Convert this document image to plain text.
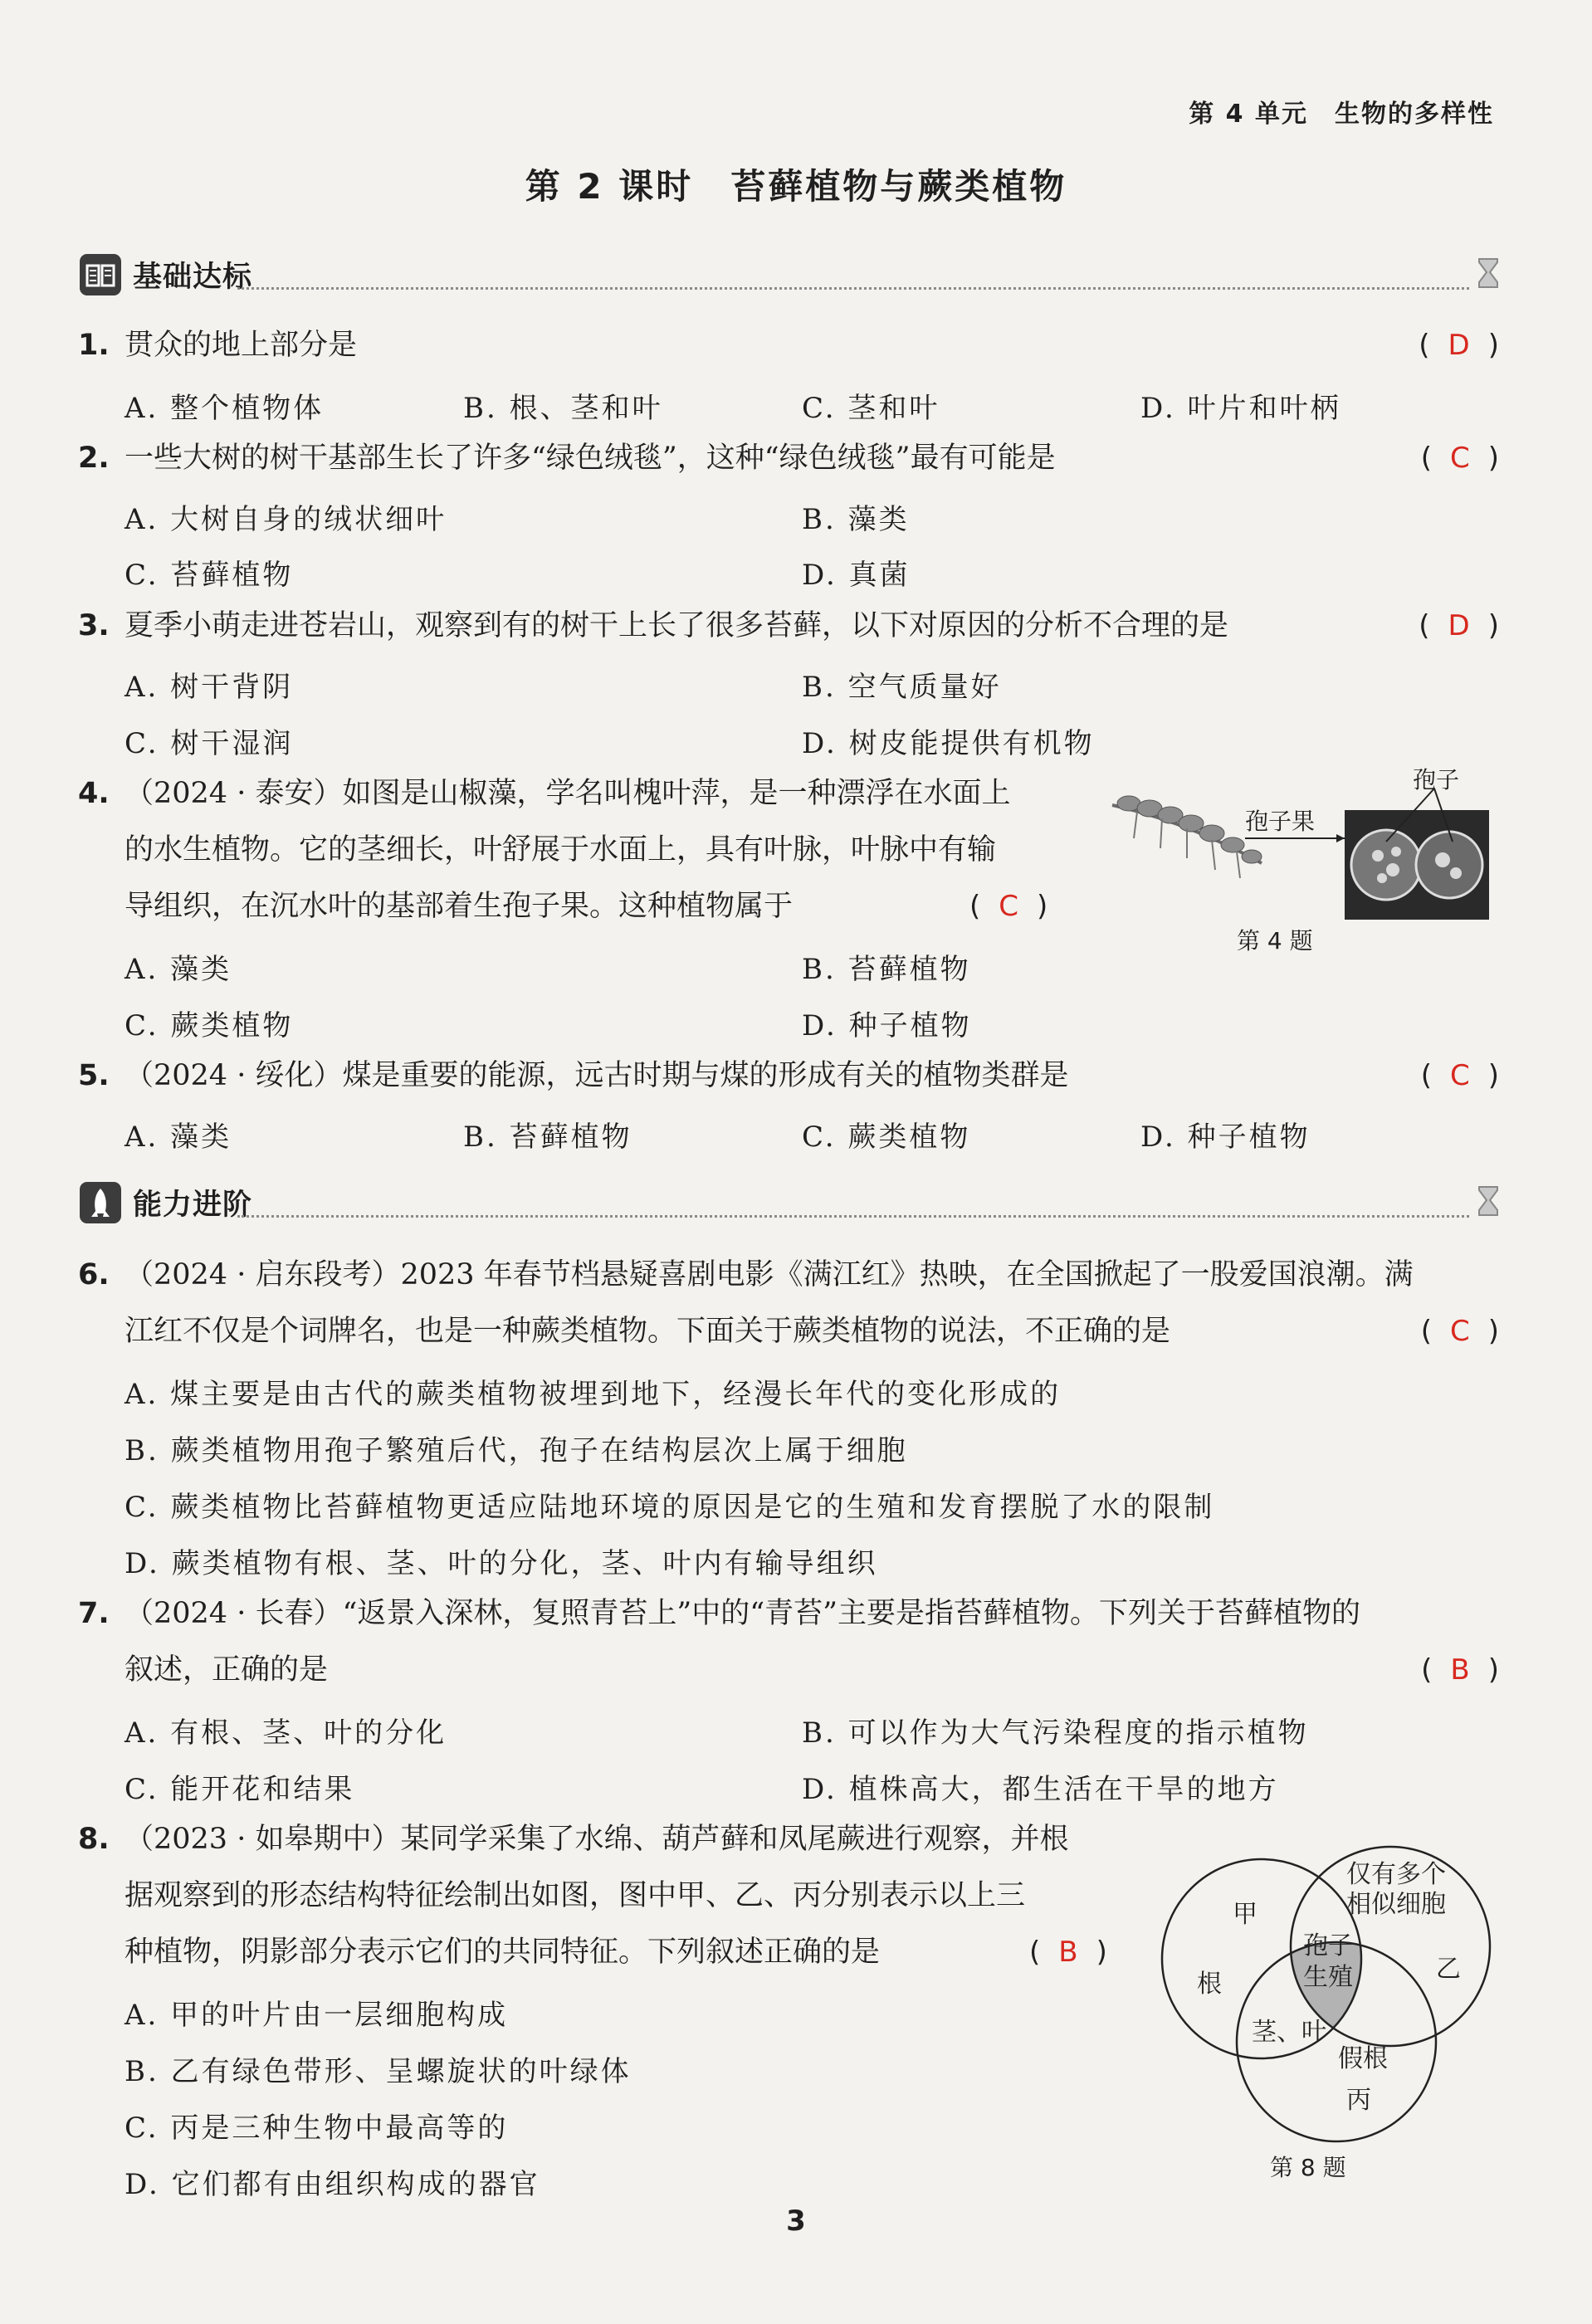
第 4 单元　生物的多样性
第 2 课时　苔藓植物与蕨类植物
基础达标
1. 贯众的地上部分是	( D )
A. 整个植物体	B. 根、茎和叶	C. 茎和叶	D. 叶片和叶柄
2. 一些大树的树干基部生长了许多“绿色绒毯”，这种“绿色绒毯”最有可能是	( C )
A. 大树自身的绒状细叶	B. 藻类
C. 苔藓植物	D. 真菌
3. 夏季小萌走进苍岩山，观察到有的树干上长了很多苔藓，以下对原因的分析不合理的是	( D )
A. 树干背阴	B. 空气质量好
C. 树干湿润	D. 树皮能提供有机物
4. （2024 · 泰安）如图是山椒藻，学名叫槐叶萍，是一种漂浮在水面上
的水生植物。它的茎细长，叶舒展于水面上，具有叶脉，叶脉中有输
导组织，在沉水叶的基部着生孢子果。这种植物属于	( C )
A. 藻类	B. 苔藓植物
C. 蕨类植物	D. 种子植物
孢子
孢子果
第 4 题
5. （2024 · 绥化）煤是重要的能源，远古时期与煤的形成有关的植物类群是	( C )
A. 藻类	B. 苔藓植物	C. 蕨类植物	D. 种子植物
能力进阶
6. （2024 · 启东段考）2023 年春节档悬疑喜剧电影《满江红》热映，在全国掀起了一股爱国浪潮。满
江红不仅是个词牌名，也是一种蕨类植物。下面关于蕨类植物的说法，不正确的是	( C )
A. 煤主要是由古代的蕨类植物被埋到地下，经漫长年代的变化形成的
B. 蕨类植物用孢子繁殖后代，孢子在结构层次上属于细胞
C. 蕨类植物比苔藓植物更适应陆地环境的原因是它的生殖和发育摆脱了水的限制
D. 蕨类植物有根、茎、叶的分化，茎、叶内有输导组织
7. （2024 · 长春）“返景入深林，复照青苔上”中的“青苔”主要是指苔藓植物。下列关于苔藓植物的
叙述，正确的是	( B )
A. 有根、茎、叶的分化	B. 可以作为大气污染程度的指示植物
C. 能开花和结果	D. 植株高大，都生活在干旱的地方
8. （2023 · 如皋期中）某同学采集了水绵、葫芦藓和凤尾蕨进行观察，并根
据观察到的形态结构特征绘制出如图，图中甲、乙、丙分别表示以上三
种植物，阴影部分表示它们的共同特征。下列叙述正确的是	( B )
A. 甲的叶片由一层细胞构成
B. 乙有绿色带形、呈螺旋状的叶绿体
C. 丙是三种生物中最高等的
D. 它们都有由组织构成的器官
甲
根
仅有多个
相似细胞
乙
孢子
生殖
茎、叶
假根
丙
第 8 题
3
